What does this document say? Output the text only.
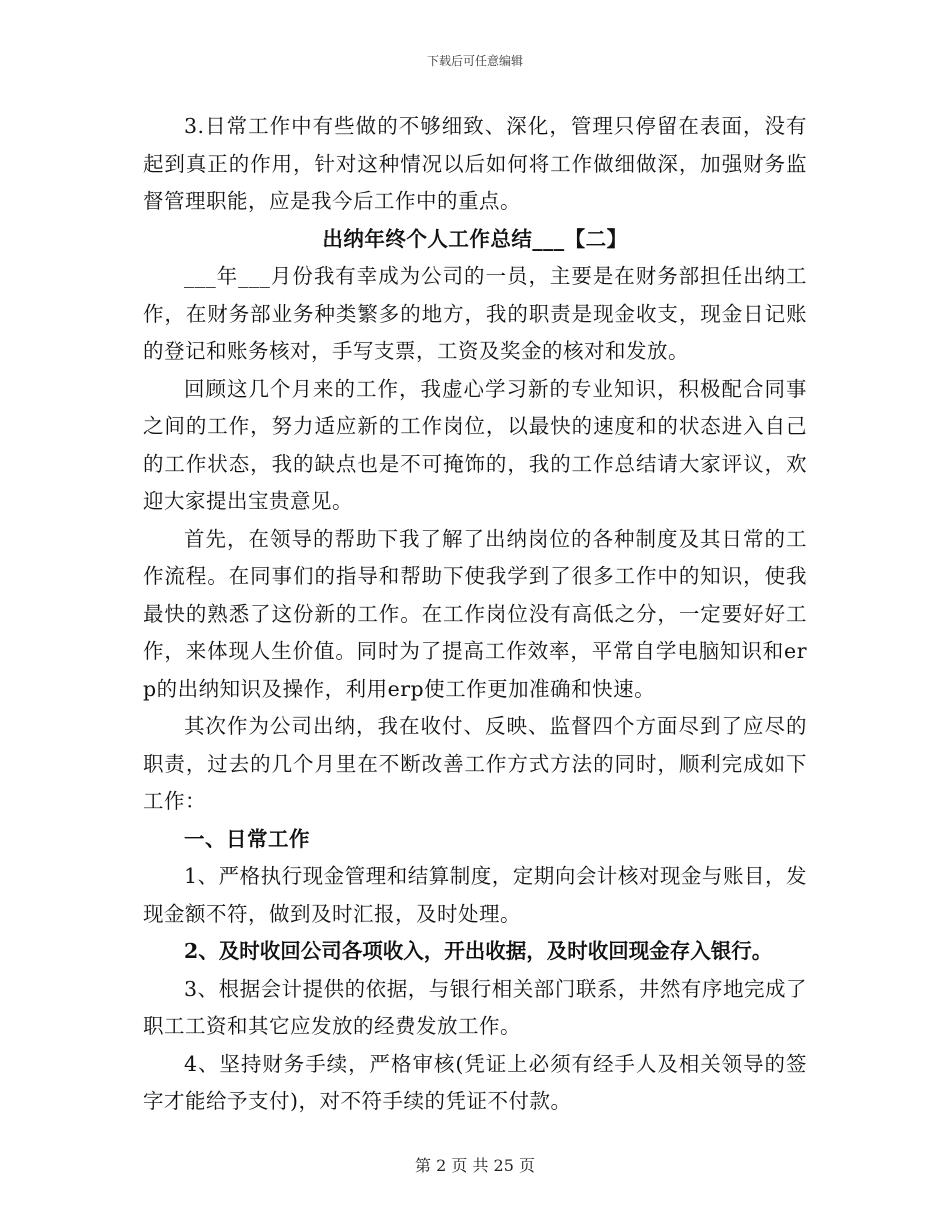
下载后可任意编辑

3.日常工作中有些做的不够细致、深化，管理只停留在表面，没有起到真正的作用，针对这种情况以后如何将工作做细做深，加强财务监督管理职能，应是我今后工作中的重点。

出纳年终个人工作总结___【二】

___年___月份我有幸成为公司的一员，主要是在财务部担任出纳工作，在财务部业务种类繁多的地方，我的职责是现金收支，现金日记账的登记和账务核对，手写支票，工资及奖金的核对和发放。

回顾这几个月来的工作，我虚心学习新的专业知识，积极配合同事之间的工作，努力适应新的工作岗位，以最快的速度和的状态进入自己的工作状态，我的缺点也是不可掩饰的，我的工作总结请大家评议，欢迎大家提出宝贵意见。

首先，在领导的帮助下我了解了出纳岗位的各种制度及其日常的工作流程。在同事们的指导和帮助下使我学到了很多工作中的知识，使我最快的熟悉了这份新的工作。在工作岗位没有高低之分，一定要好好工作，来体现人生价值。同时为了提高工作效率，平常自学电脑知识和erp的出纳知识及操作，利用erp使工作更加准确和快速。

其次作为公司出纳，我在收付、反映、监督四个方面尽到了应尽的职责，过去的几个月里在不断改善工作方式方法的同时，顺利完成如下工作：

一、日常工作

1、严格执行现金管理和结算制度，定期向会计核对现金与账目，发现金额不符，做到及时汇报，及时处理。

2、及时收回公司各项收入，开出收据，及时收回现金存入银行。

3、根据会计提供的依据，与银行相关部门联系，井然有序地完成了职工工资和其它应发放的经费发放工作。

4、坚持财务手续，严格审核(凭证上必须有经手人及相关领导的签字才能给予支付)，对不符手续的凭证不付款。

第 2 页 共 25 页
